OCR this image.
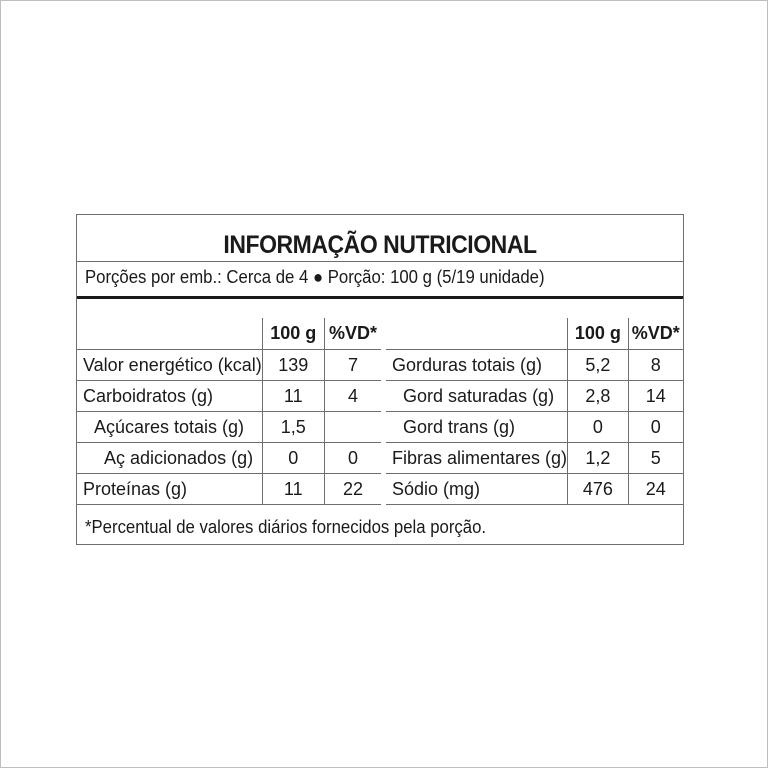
INFORMAÇÃO NUTRICIONAL
Porções por emb.: Cerca de 4 ● Porção: 100 g (5/19 unidade)
	100 g	%VD*
Valor energético (kcal)	139	7
Carboidratos (g)	11	4
Açúcares totais (g)	1,5	
Aç adicionados (g)	0	0
Proteínas (g)	11	22
	100 g	%VD*
Gorduras totais (g)	5,2	8
Gord saturadas (g)	2,8	14
Gord trans (g)	0	0
Fibras alimentares (g)	1,2	5
Sódio (mg)	476	24
*Percentual de valores diários fornecidos pela porção.
